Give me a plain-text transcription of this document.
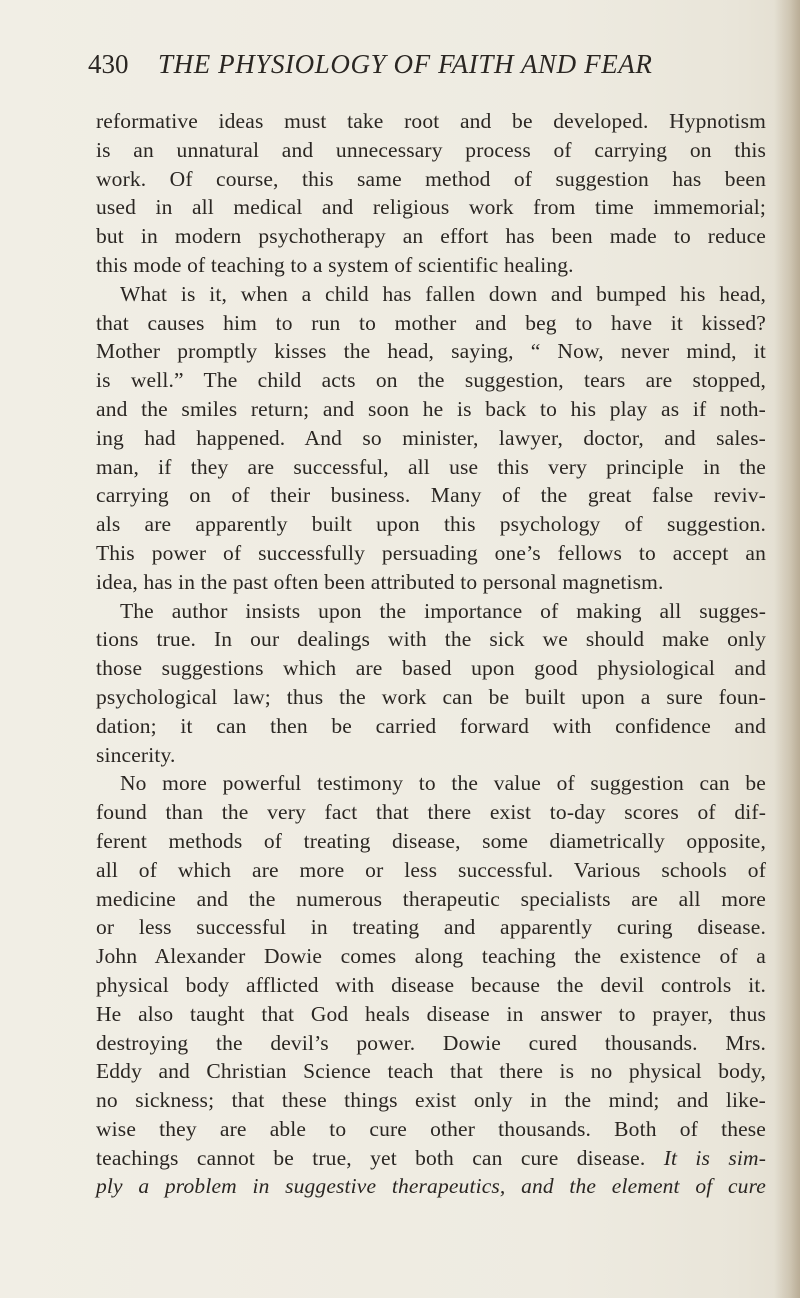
430 THE PHYSIOLOGY OF FAITH AND FEAR
reformative ideas must take root and be developed. Hypnotism
is an unnatural and unnecessary process of carrying on this
work. Of course, this same method of suggestion has been
used in all medical and religious work from time immemorial;
but in modern psychotherapy an effort has been made to reduce
this mode of teaching to a system of scientific healing.
What is it, when a child has fallen down and bumped his head,
that causes him to run to mother and beg to have it kissed?
Mother promptly kisses the head, saying, “ Now, never mind, it
is well.” The child acts on the suggestion, tears are stopped,
and the smiles return; and soon he is back to his play as if noth-
ing had happened. And so minister, lawyer, doctor, and sales-
man, if they are successful, all use this very principle in the
carrying on of their business. Many of the great false reviv-
als are apparently built upon this psychology of suggestion.
This power of successfully persuading one’s fellows to accept an
idea, has in the past often been attributed to personal magnetism.
The author insists upon the importance of making all sugges-
tions true. In our dealings with the sick we should make only
those suggestions which are based upon good physiological and
psychological law; thus the work can be built upon a sure foun-
dation; it can then be carried forward with confidence and
sincerity.
No more powerful testimony to the value of suggestion can be
found than the very fact that there exist to-day scores of dif-
ferent methods of treating disease, some diametrically opposite,
all of which are more or less successful. Various schools of
medicine and the numerous therapeutic specialists are all more
or less successful in treating and apparently curing disease.
John Alexander Dowie comes along teaching the existence of a
physical body afflicted with disease because the devil controls it.
He also taught that God heals disease in answer to prayer, thus
destroying the devil’s power. Dowie cured thousands. Mrs.
Eddy and Christian Science teach that there is no physical body,
no sickness; that these things exist only in the mind; and like-
wise they are able to cure other thousands. Both of these
teachings cannot be true, yet both can cure disease. It is sim-
ply a problem in suggestive therapeutics, and the element of cure
